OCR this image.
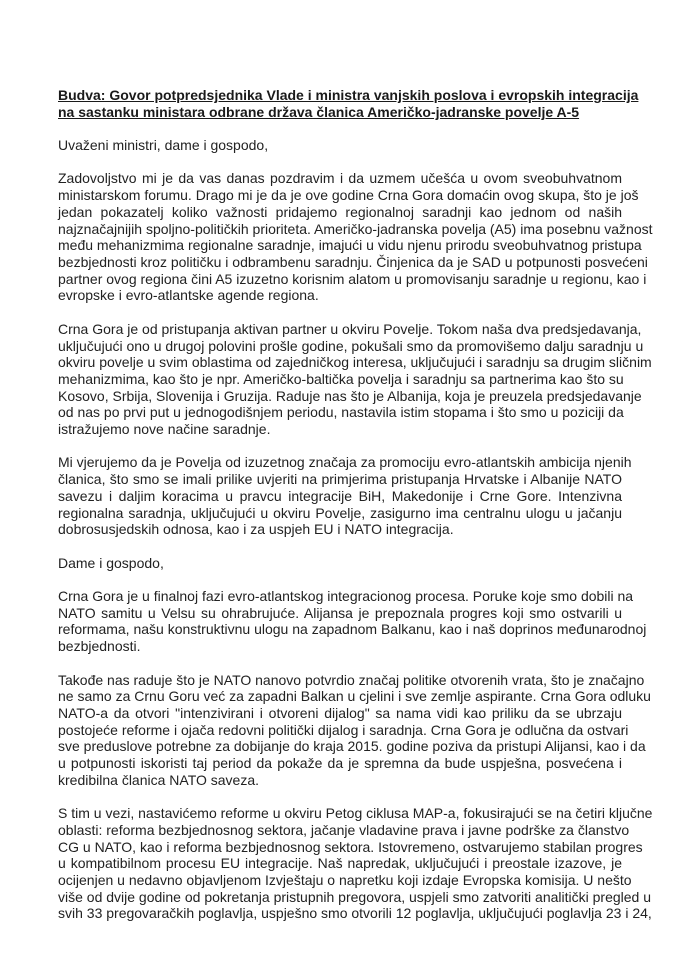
Budva: Govor potpredsjednika Vlade i ministra vanjskih poslova i evropskih integracija
na sastanku ministara odbrane država članica Američko-jadranske povelje A-5
Uvaženi ministri, dame i gospodo,
Zadovoljstvo mi je da vas danas pozdravim i da uzmem učešća u ovom sveobuhvatnom
ministarskom forumu. Drago mi je da je ove godine Crna Gora domaćin ovog skupa, što je još
jedan pokazatelj koliko važnosti pridajemo regionalnoj saradnji kao jednom od naših
najznačajnijih spoljno-političkih prioriteta. Američko-jadranska povelja (A5) ima posebnu važnost
među mehanizmima regionalne saradnje, imajući u vidu njenu prirodu sveobuhvatnog pristupa
bezbjednosti kroz političku i odbrambenu saradnju. Činjenica da je SAD u potpunosti posvećeni
partner ovog regiona čini A5 izuzetno korisnim alatom u promovisanju saradnje u regionu, kao i
evropske i evro-atlantske agende regiona.
Crna Gora je od pristupanja aktivan partner u okviru Povelje. Tokom naša dva predsjedavanja,
uključujući ono u drugoj polovini prošle godine, pokušali smo da promovišemo dalju saradnju u
okviru povelje u svim oblastima od zajedničkog interesa, uključujući i saradnju sa drugim sličnim
mehanizmima, kao što je npr. Američko-baltička povelja i saradnju sa partnerima kao što su
Kosovo, Srbija, Slovenija i Gruzija. Raduje nas što je Albanija, koja je preuzela predsjedavanje
od nas po prvi put u jednogodišnjem periodu, nastavila istim stopama i što smo u poziciji da
istražujemo nove načine saradnje.
Mi vjerujemo da je Povelja od izuzetnog značaja za promociju evro-atlantskih ambicija njenih
članica, što smo se imali prilike uvjeriti na primjerima pristupanja Hrvatske i Albanije NATO
savezu i daljim koracima u pravcu integracije BiH, Makedonije i Crne Gore. Intenzivna
regionalna saradnja, uključujući u okviru Povelje, zasigurno ima centralnu ulogu u jačanju
dobrosusjedskih odnosa, kao i za uspjeh EU i NATO integracija.
Dame i gospodo,
Crna Gora je u finalnoj fazi evro-atlantskog integracionog procesa. Poruke koje smo dobili na
NATO samitu u Velsu su ohrabrujuće. Alijansa je prepoznala progres koji smo ostvarili u
reformama, našu konstruktivnu ulogu na zapadnom Balkanu, kao i naš doprinos međunarodnoj
bezbjednosti.
Takođe nas raduje što je NATO nanovo potvrdio značaj politike otvorenih vrata, što je značajno
ne samo za Crnu Goru već za zapadni Balkan u cjelini i sve zemlje aspirante. Crna Gora odluku
NATO-a da otvori "intenzivirani i otvoreni dijalog" sa nama vidi kao priliku da se ubrzaju
postojeće reforme i ojača redovni politički dijalog i saradnja. Crna Gora je odlučna da ostvari
sve preduslove potrebne za dobijanje do kraja 2015. godine poziva da pristupi Alijansi, kao i da
u potpunosti iskoristi taj period da pokaže da je spremna da bude uspješna, posvećena i
kredibilna članica NATO saveza.
S tim u vezi, nastavićemo reforme u okviru Petog ciklusa MAP-a, fokusirajući se na četiri ključne
oblasti: reforma bezbjednosnog sektora, jačanje vladavine prava i javne podrške za članstvo
CG u NATO, kao i reforma bezbjednosnog sektora. Istovremeno, ostvarujemo stabilan progres
u kompatibilnom procesu EU integracije. Naš napredak, uključujući i preostale izazove, je
ocijenjen u nedavno objavljenom Izvještaju o napretku koji izdaje Evropska komisija. U nešto
više od dvije godine od pokretanja pristupnih pregovora, uspjeli smo zatvoriti analitički pregled u
svih 33 pregovaračkih poglavlja, uspješno smo otvorili 12 poglavlja, uključujući poglavlja 23 i 24,
